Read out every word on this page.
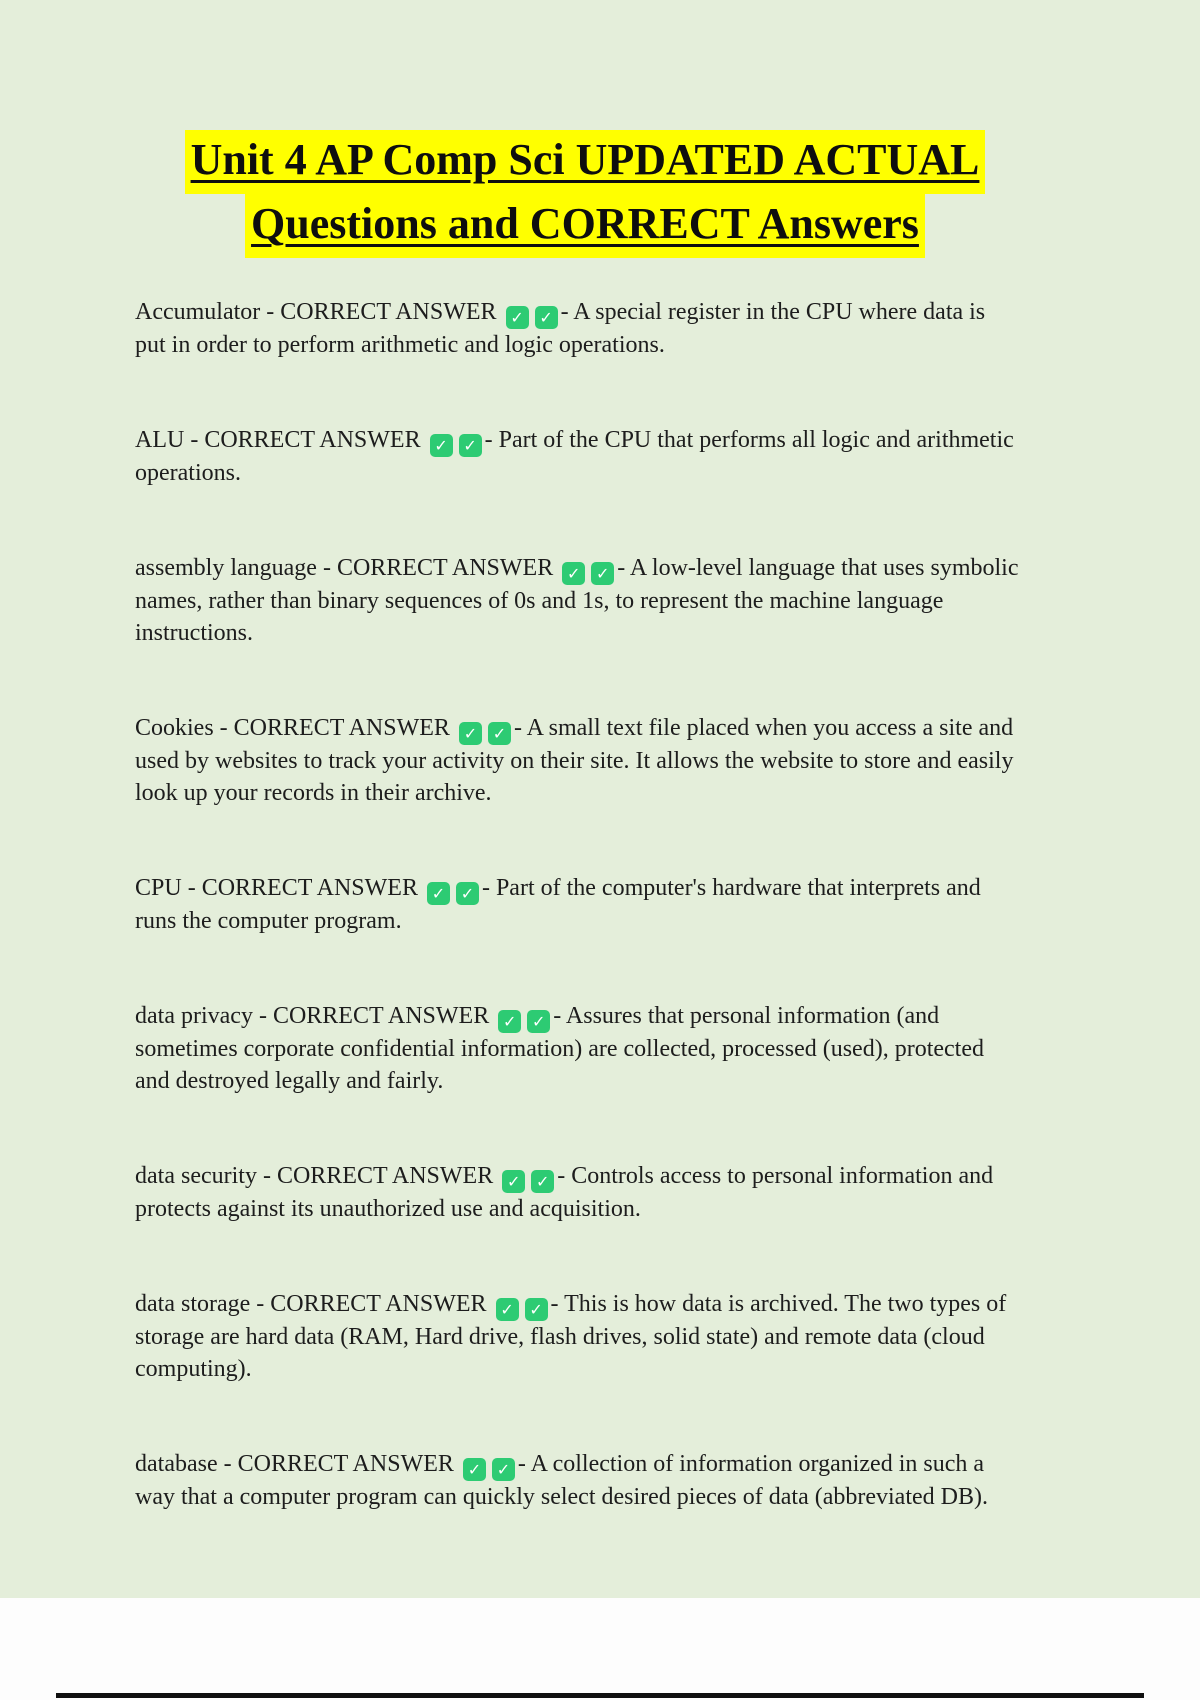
Unit 4 AP Comp Sci UPDATED ACTUAL
Questions and CORRECT Answers

Accumulator - CORRECT ANSWER ✓ ✓ - A special register in the CPU where data is put in order to perform arithmetic and logic operations.

ALU - CORRECT ANSWER ✓ ✓ - Part of the CPU that performs all logic and arithmetic operations.

assembly language - CORRECT ANSWER ✓ ✓ - A low-level language that uses symbolic names, rather than binary sequences of 0s and 1s, to represent the machine language instructions.

Cookies - CORRECT ANSWER ✓ ✓ - A small text file placed when you access a site and used by websites to track your activity on their site. It allows the website to store and easily look up your records in their archive.

CPU - CORRECT ANSWER ✓ ✓ - Part of the computer's hardware that interprets and runs the computer program.

data privacy - CORRECT ANSWER ✓ ✓ - Assures that personal information (and sometimes corporate confidential information) are collected, processed (used), protected and destroyed legally and fairly.

data security - CORRECT ANSWER ✓ ✓ - Controls access to personal information and protects against its unauthorized use and acquisition.

data storage - CORRECT ANSWER ✓ ✓ - This is how data is archived. The two types of storage are hard data (RAM, Hard drive, flash drives, solid state) and remote data (cloud computing).

database - CORRECT ANSWER ✓ ✓ - A collection of information organized in such a way that a computer program can quickly select desired pieces of data (abbreviated DB).
